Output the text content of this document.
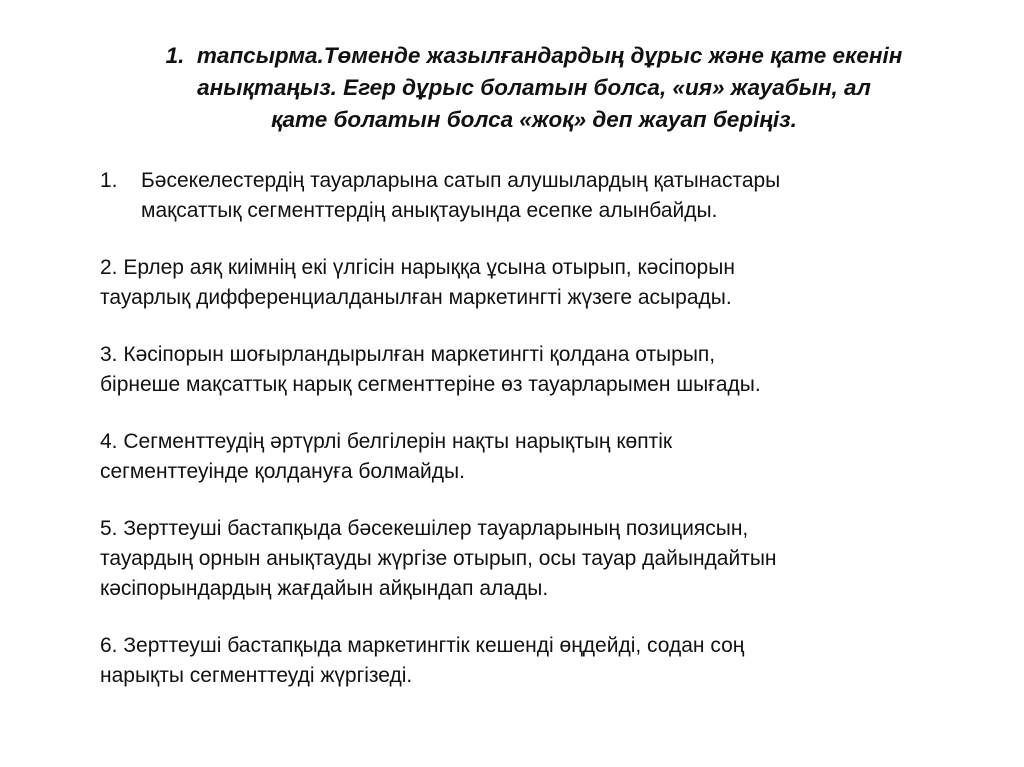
1. тапсырма.Төменде жазылғандардың дұрыс және қате екенін
анықтаңыз. Егер дұрыс болатын болса, «ия» жауабын, ал
қате болатын болса «жоқ» деп жауап беріңіз.
1. Бәсекелестердің тауарларына сатып алушылардың қатынастары
мақсаттық сегменттердің анықтауында есепке алынбайды.
2. Ерлер аяқ киімнің екі үлгісін нарыққа ұсына отырып, кәсіпорын
тауарлық дифференциалданылған маркетингті жүзеге асырады.
3. Кәсіпорын шоғырландырылған маркетингті қолдана отырып,
бірнеше мақсаттық нарық сегменттеріне өз тауарларымен шығады.
4. Сегменттеудің әртүрлі белгілерін нақты нарықтың көптік
сегменттеуінде қолдануға болмайды.
5. Зерттеуші бастапқыда бәсекешілер тауарларының позициясын,
тауардың орнын анықтауды жүргізе отырып, осы тауар дайындайтын
кәсіпорындардың жағдайын айқындап алады.
6. Зерттеуші бастапқыда маркетингтік кешенді өңдейді, содан соң
нарықты сегменттеуді жүргізеді.
